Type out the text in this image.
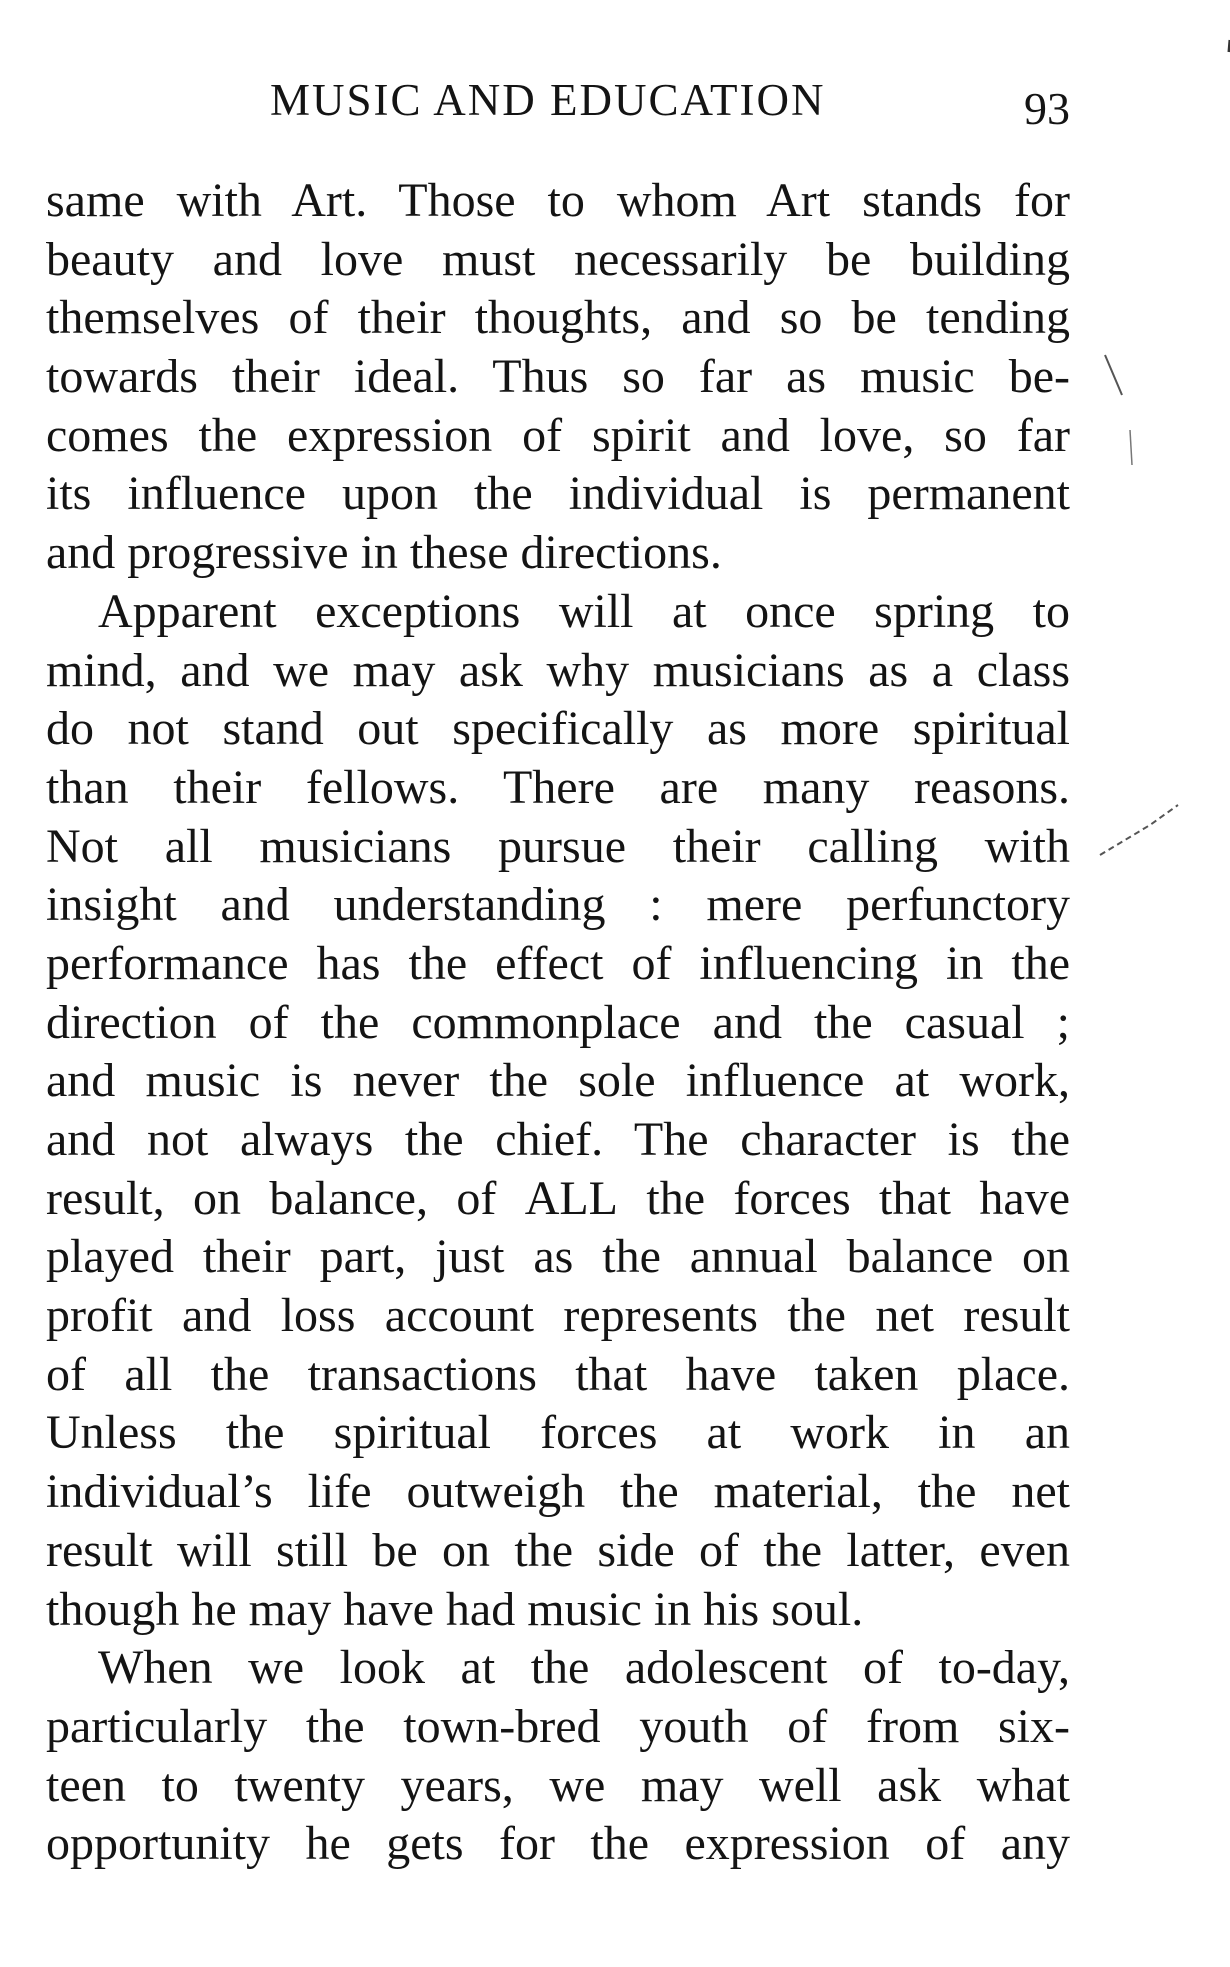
MUSIC AND EDUCATION	93
same with Art. Those to whom Art stands for
beauty and love must necessarily be building
themselves of their thoughts, and so be tending
towards their ideal. Thus so far as music be-
comes the expression of spirit and love, so far
its influence upon the individual is permanent
and progressive in these directions.
Apparent exceptions will at once spring to
mind, and we may ask why musicians as a class
do not stand out specifically as more spiritual
than their fellows. There are many reasons.
Not all musicians pursue their calling with
insight and understanding : mere perfunctory
performance has the effect of influencing in the
direction of the commonplace and the casual ;
and music is never the sole influence at work,
and not always the chief. The character is the
result, on balance, of ALL the forces that have
played their part, just as the annual balance on
profit and loss account represents the net result
of all the transactions that have taken place.
Unless the spiritual forces at work in an
individual’s life outweigh the material, the net
result will still be on the side of the latter, even
though he may have had music in his soul.
When we look at the adolescent of to-day,
particularly the town-bred youth of from six-
teen to twenty years, we may well ask what
opportunity he gets for the expression of any
